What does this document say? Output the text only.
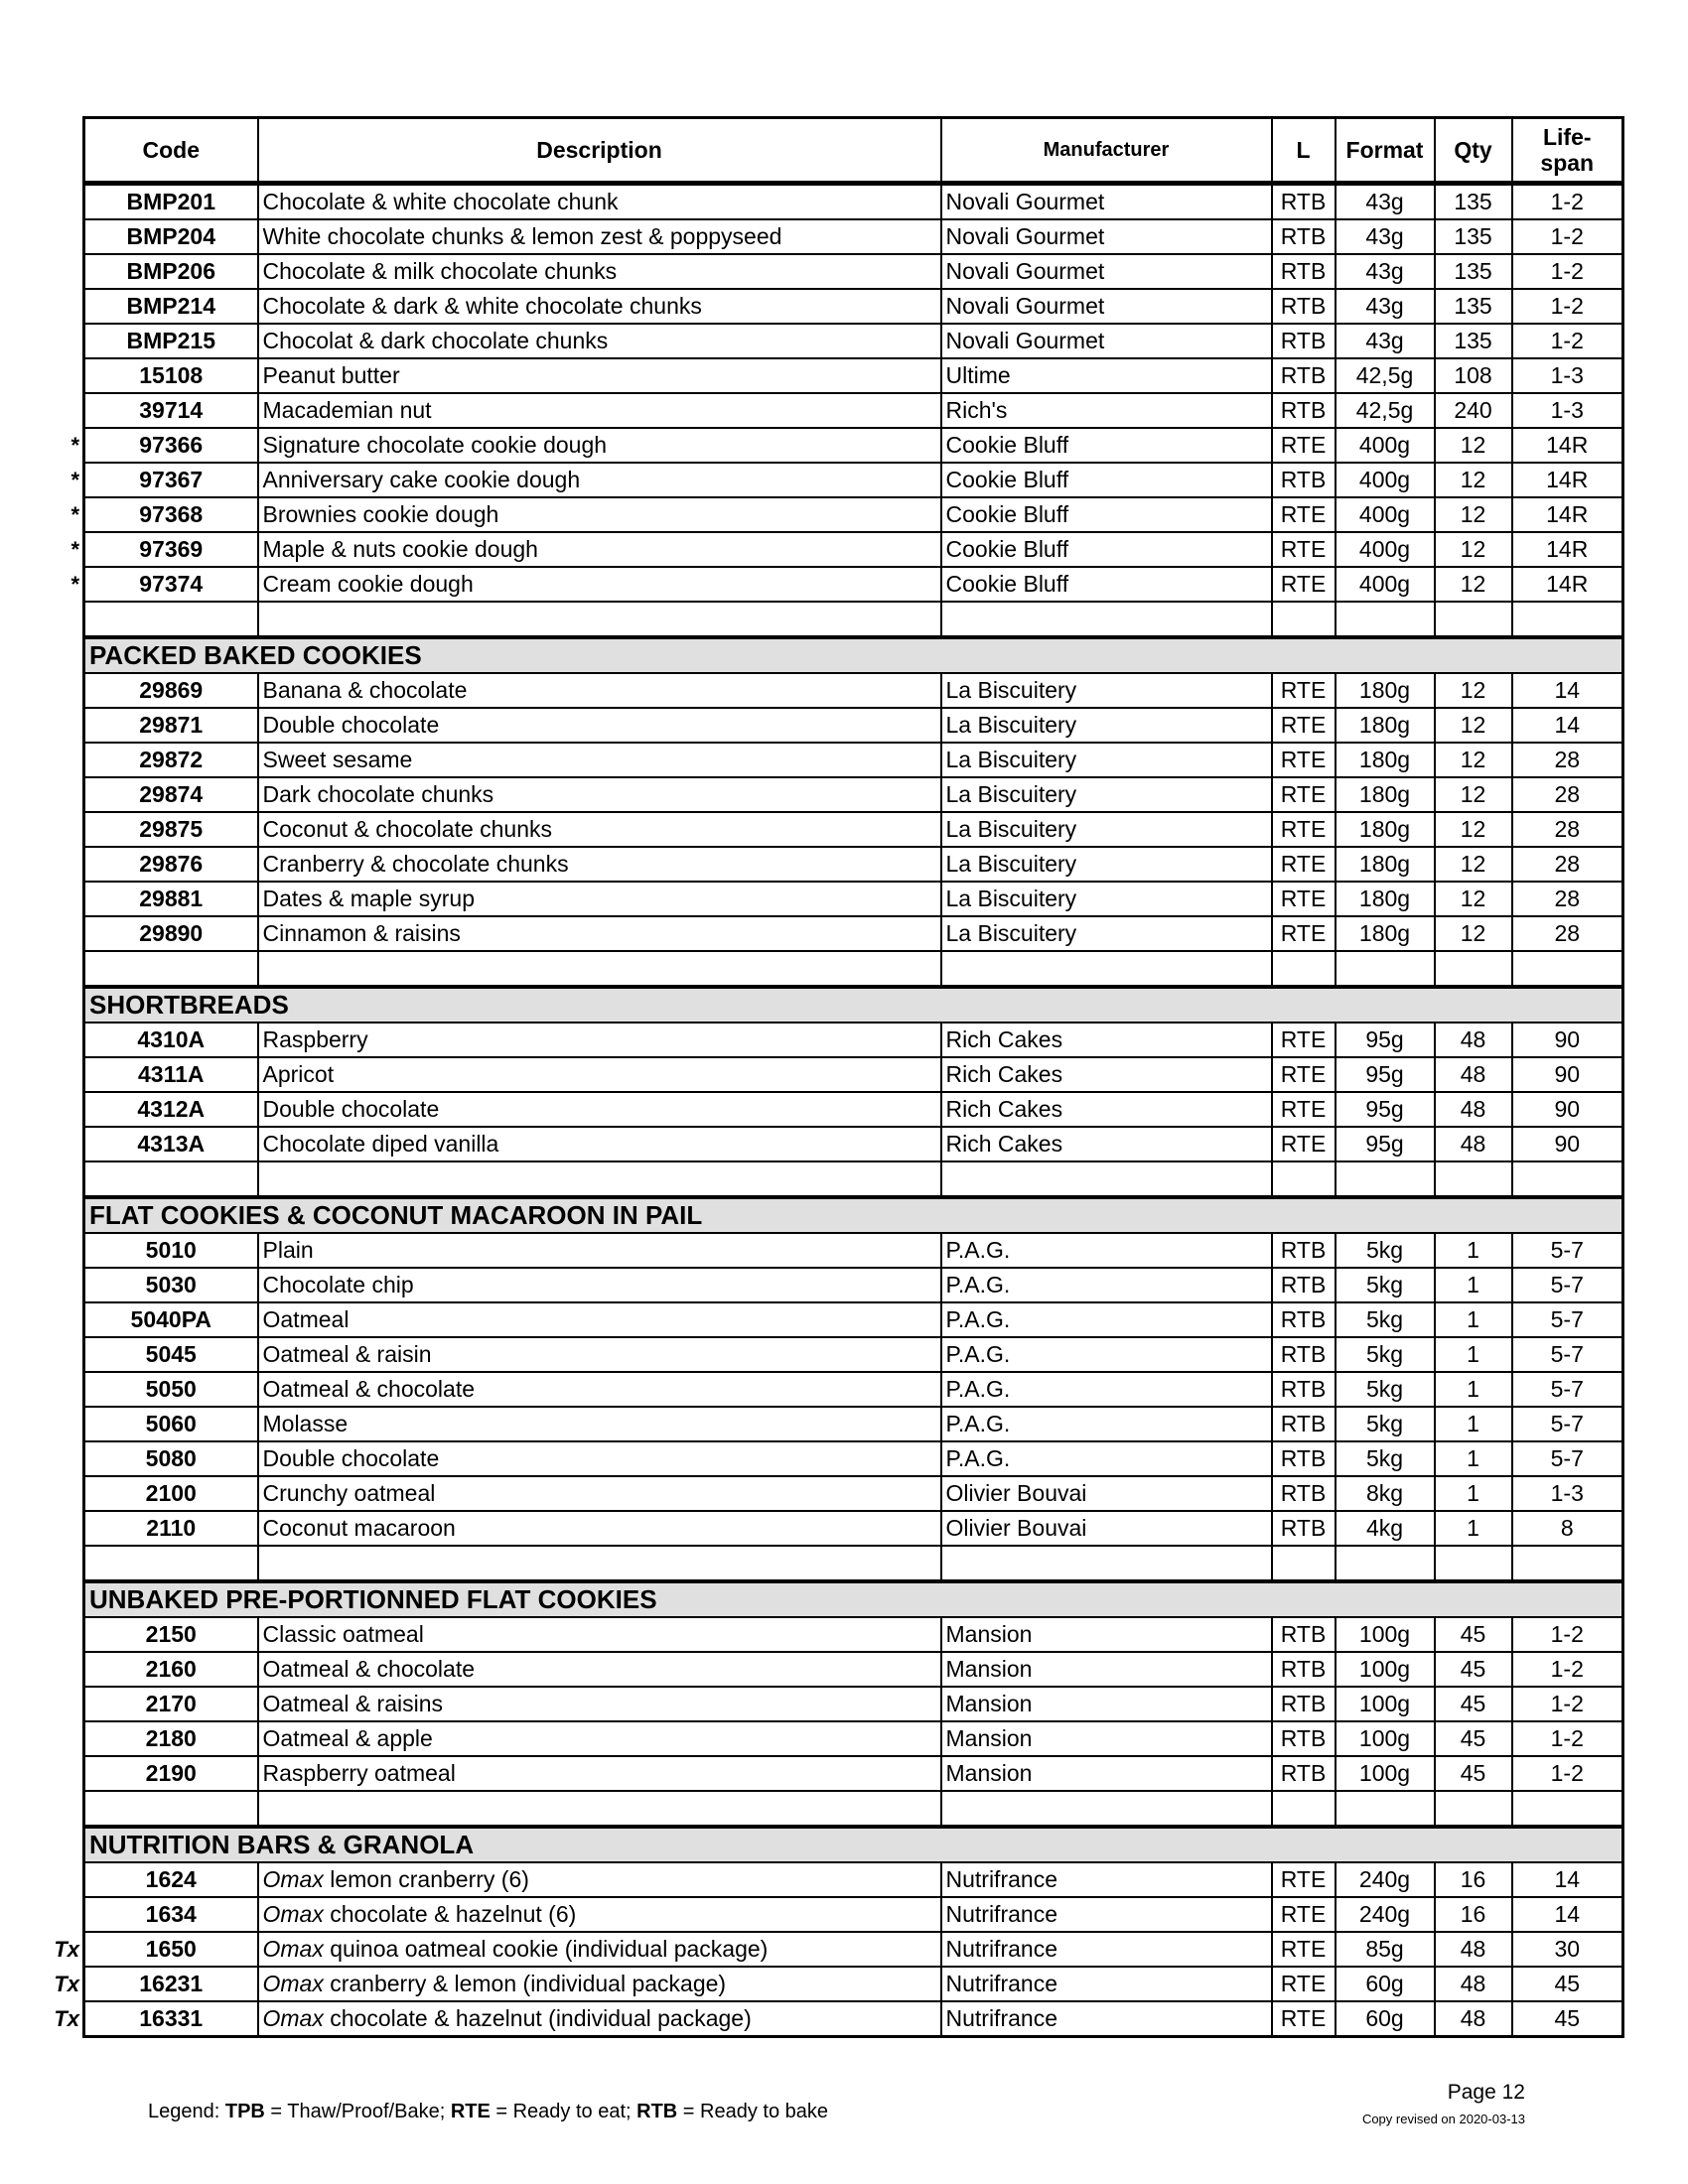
Code	Description	Manufacturer	L	Format	Qty	Life-span
BMP201	Chocolate & white chocolate chunk	Novali Gourmet	RTB	43g	135	1-2
BMP204	White chocolate chunks & lemon zest & poppyseed	Novali Gourmet	RTB	43g	135	1-2
BMP206	Chocolate & milk chocolate chunks	Novali Gourmet	RTB	43g	135	1-2
BMP214	Chocolate & dark & white chocolate chunks	Novali Gourmet	RTB	43g	135	1-2
BMP215	Chocolat & dark chocolate chunks	Novali Gourmet	RTB	43g	135	1-2
15108	Peanut butter	Ultime	RTB	42,5g	108	1-3
39714	Macademian nut	Rich's	RTB	42,5g	240	1-3

* 97366	Signature chocolate cookie dough	Cookie Bluff	RTE	400g	12	14R

* 97367	Anniversary cake cookie dough	Cookie Bluff	RTB	400g	12	14R

* 97368	Brownies cookie dough	Cookie Bluff	RTE	400g	12	14R

* 97369	Maple & nuts cookie dough	Cookie Bluff	RTE	400g	12	14R

* 97374	Cream cookie dough	Cookie Bluff	RTE	400g	12	14R

PACKED BAKED COOKIES						
29869	Banana & chocolate	La Biscuitery	RTE	180g	12	14
29871	Double chocolate	La Biscuitery	RTE	180g	12	14
29872	Sweet sesame	La Biscuitery	RTE	180g	12	28
29874	Dark chocolate chunks	La Biscuitery	RTE	180g	12	28
29875	Coconut & chocolate chunks	La Biscuitery	RTE	180g	12	28
29876	Cranberry & chocolate chunks	La Biscuitery	RTE	180g	12	28
29881	Dates & maple syrup	La Biscuitery	RTE	180g	12	28
29890	Cinnamon & raisins	La Biscuitery	RTE	180g	12	28

SHORTBREADS						
4310A	Raspberry	Rich Cakes	RTE	95g	48	90
4311A	Apricot	Rich Cakes	RTE	95g	48	90
4312A	Double chocolate	Rich Cakes	RTE	95g	48	90
4313A	Chocolate diped vanilla	Rich Cakes	RTE	95g	48	90

FLAT COOKIES & COCONUT MACAROON IN PAIL						
5010	Plain	P.A.G.	RTB	5kg	1	5-7
5030	Chocolate chip	P.A.G.	RTB	5kg	1	5-7
5040PA	Oatmeal	P.A.G.	RTB	5kg	1	5-7
5045	Oatmeal & raisin	P.A.G.	RTB	5kg	1	5-7
5050	Oatmeal & chocolate	P.A.G.	RTB	5kg	1	5-7
5060	Molasse	P.A.G.	RTB	5kg	1	5-7
5080	Double chocolate	P.A.G.	RTB	5kg	1	5-7
2100	Crunchy oatmeal	Olivier Bouvai	RTB	8kg	1	1-3
2110	Coconut macaroon	Olivier Bouvai	RTB	4kg	1	8

UNBAKED PRE-PORTIONNED FLAT COOKIES						
2150	Classic oatmeal	Mansion	RTB	100g	45	1-2
2160	Oatmeal & chocolate	Mansion	RTB	100g	45	1-2
2170	Oatmeal & raisins	Mansion	RTB	100g	45	1-2
2180	Oatmeal & apple	Mansion	RTB	100g	45	1-2
2190	Raspberry oatmeal	Mansion	RTB	100g	45	1-2

NUTRITION BARS & GRANOLA						
1624	Omax lemon cranberry (6)	Nutrifrance	RTE	240g	16	14
1634	Omax chocolate & hazelnut (6)	Nutrifrance	RTE	240g	16	14

Tx 1650	Omax quinoa oatmeal cookie (individual package)	Nutrifrance	RTE	85g	48	30

Tx 16231	Omax cranberry & lemon (individual package)	Nutrifrance	RTE	60g	48	45

Tx 16331	Omax chocolate & hazelnut (individual package)	Nutrifrance	RTE	60g	48	45
Legend: TPB = Thaw/Proof/Bake; RTE = Ready to eat; RTB = Ready to bake
Page 12
Copy revised on 2020-03-13
